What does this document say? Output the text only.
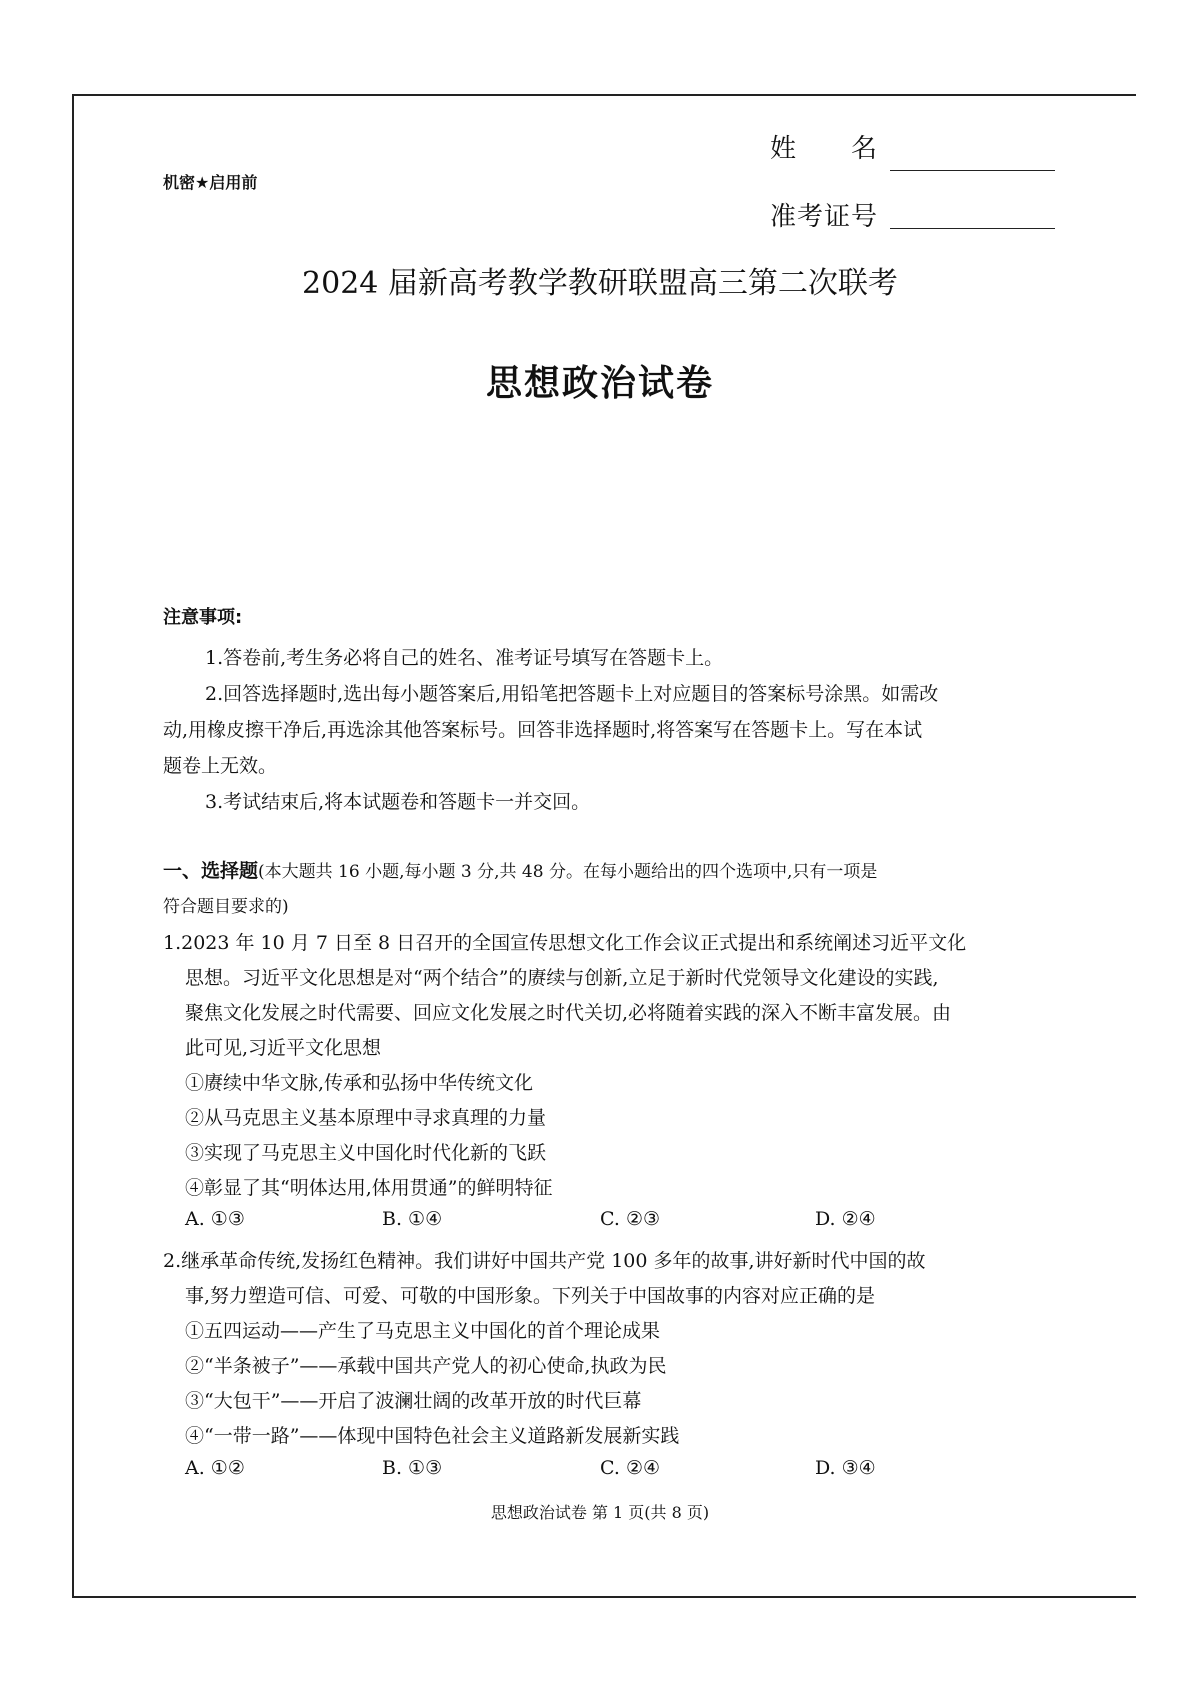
机密★启用前
姓　　名
准考证号
2024 届新高考教学教研联盟高三第二次联考
思想政治试卷
注意事项:
1.答卷前,考生务必将自己的姓名、准考证号填写在答题卡上。
2.回答选择题时,选出每小题答案后,用铅笔把答题卡上对应题目的答案标号涂黑。如需改
动,用橡皮擦干净后,再选涂其他答案标号。回答非选择题时,将答案写在答题卡上。写在本试
题卷上无效。
3.考试结束后,将本试题卷和答题卡一并交回。
一、选择题(本大题共 16 小题,每小题 3 分,共 48 分。在每小题给出的四个选项中,只有一项是
符合题目要求的)
1.2023 年 10 月 7 日至 8 日召开的全国宣传思想文化工作会议正式提出和系统阐述习近平文化
思想。习近平文化思想是对“两个结合”的赓续与创新,立足于新时代党领导文化建设的实践,
聚焦文化发展之时代需要、回应文化发展之时代关切,必将随着实践的深入不断丰富发展。由
此可见,习近平文化思想
①赓续中华文脉,传承和弘扬中华传统文化
②从马克思主义基本原理中寻求真理的力量
③实现了马克思主义中国化时代化新的飞跃
④彰显了其“明体达用,体用贯通”的鲜明特征
A. ①③	B. ①④	C. ②③	D. ②④
2.继承革命传统,发扬红色精神。我们讲好中国共产党 100 多年的故事,讲好新时代中国的故
事,努力塑造可信、可爱、可敬的中国形象。下列关于中国故事的内容对应正确的是
①五四运动——产生了马克思主义中国化的首个理论成果
②“半条被子”——承载中国共产党人的初心使命,执政为民
③“大包干”——开启了波澜壮阔的改革开放的时代巨幕
④“一带一路”——体现中国特色社会主义道路新发展新实践
A. ①②	B. ①③	C. ②④	D. ③④
思想政治试卷 第 1 页(共 8 页)
